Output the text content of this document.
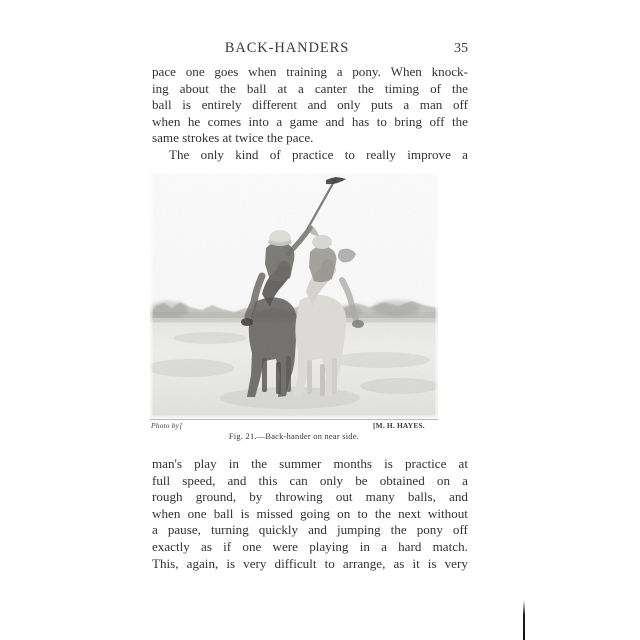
BACK-HANDERS	35
pace one goes when training a pony. When knock-
ing about the ball at a canter the timing of the
ball is entirely different and only puts a man off
when he comes into a game and has to bring off the
same strokes at twice the pace.
The only kind of practice to really improve a
Photo by]	[M. H. HAYES.
Fig. 21.—Back-hander on near side.
man's play in the summer months is practice at
full speed, and this can only be obtained on a
rough ground, by throwing out many balls, and
when one ball is missed going on to the next without
a pause, turning quickly and jumping the pony off
exactly as if one were playing in a hard match.
This, again, is very difficult to arrange, as it is very
